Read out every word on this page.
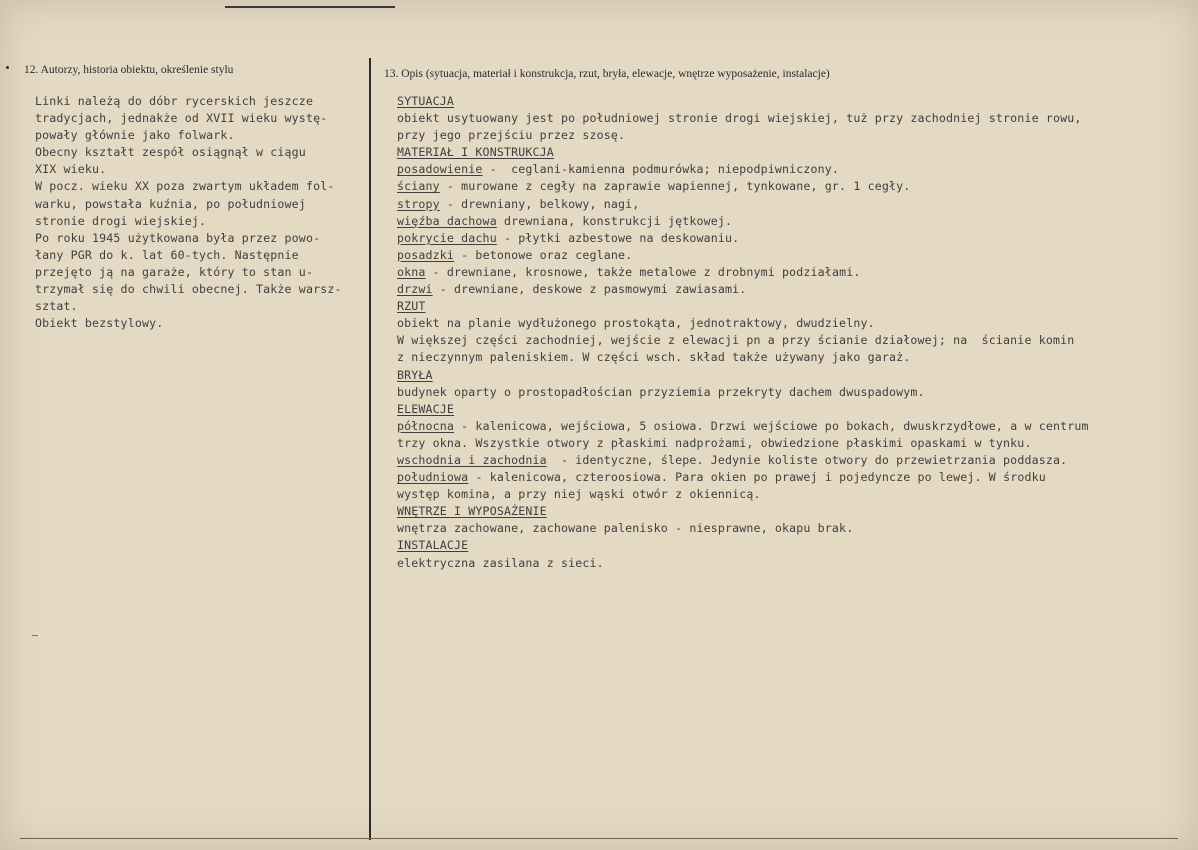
12. Autorzy, historia obiektu, określenie stylu	13. Opis (sytuacja, materiał i konstrukcja, rzut, bryła, elewacje, wnętrze wyposażenie, instalacje)
Linki należą do dóbr rycerskich jeszcze
tradycjach, jednakże od XVII wieku wystę-
powały głównie jako folwark.
Obecny kształt zespół osiągnął w ciągu
XIX wieku.
W pocz. wieku XX poza zwartym układem fol-
warku, powstała kuźnia, po południowej
stronie drogi wiejskiej.
Po roku 1945 użytkowana była przez powo-
łany PGR do k. lat 60-tych. Następnie
przejęto ją na garaże, który to stan u-
trzymał się do chwili obecnej. Także warsz-
sztat.
Obiekt bezstylowy.
SYTUACJA
obiekt usytuowany jest po południowej stronie drogi wiejskiej, tuż przy zachodniej stronie rowu,
przy jego przejściu przez szosę.
MATERIAŁ I KONSTRUKCJA
posadowienie -  ceglani-kamienna podmurówka; niepodpiwniczony.
ściany - murowane z cegły na zaprawie wapiennej, tynkowane, gr. 1 cegły.
stropy - drewniany, belkowy, nagi,
więźba dachowa drewniana, konstrukcji jętkowej.
pokrycie dachu - płytki azbestowe na deskowaniu.
posadzki - betonowe oraz ceglane.
okna - drewniane, krosnowe, także metalowe z drobnymi podziałami.
drzwi - drewniane, deskowe z pasmowymi zawiasami.
RZUT
obiekt na planie wydłużonego prostokąta, jednotraktowy, dwudzielny.
W większej części zachodniej, wejście z elewacji pn a przy ścianie działowej; na  ścianie komin
z nieczynnym paleniskiem. W części wsch. skład także używany jako garaż.
BRYŁA
budynek oparty o prostopadłościan przyziemia przekryty dachem dwuspadowym.
ELEWACJE
północna - kalenicowa, wejściowa, 5 osiowa. Drzwi wejściowe po bokach, dwuskrzydłowe, a w centrum
trzy okna. Wszystkie otwory z płaskimi nadprożami, obwiedzione płaskimi opaskami w tynku.
wschodnia i zachodnia  - identyczne, ślepe. Jedynie koliste otwory do przewietrzania poddasza.
południowa - kalenicowa, czteroosiowa. Para okien po prawej i pojedyncze po lewej. W środku
występ komina, a przy niej wąski otwór z okiennicą.
WNĘTRZE I WYPOSAŻENIE
wnętrza zachowane, zachowane palenisko - niesprawne, okapu brak.
INSTALACJE
elektryczna zasilana z sieci.
